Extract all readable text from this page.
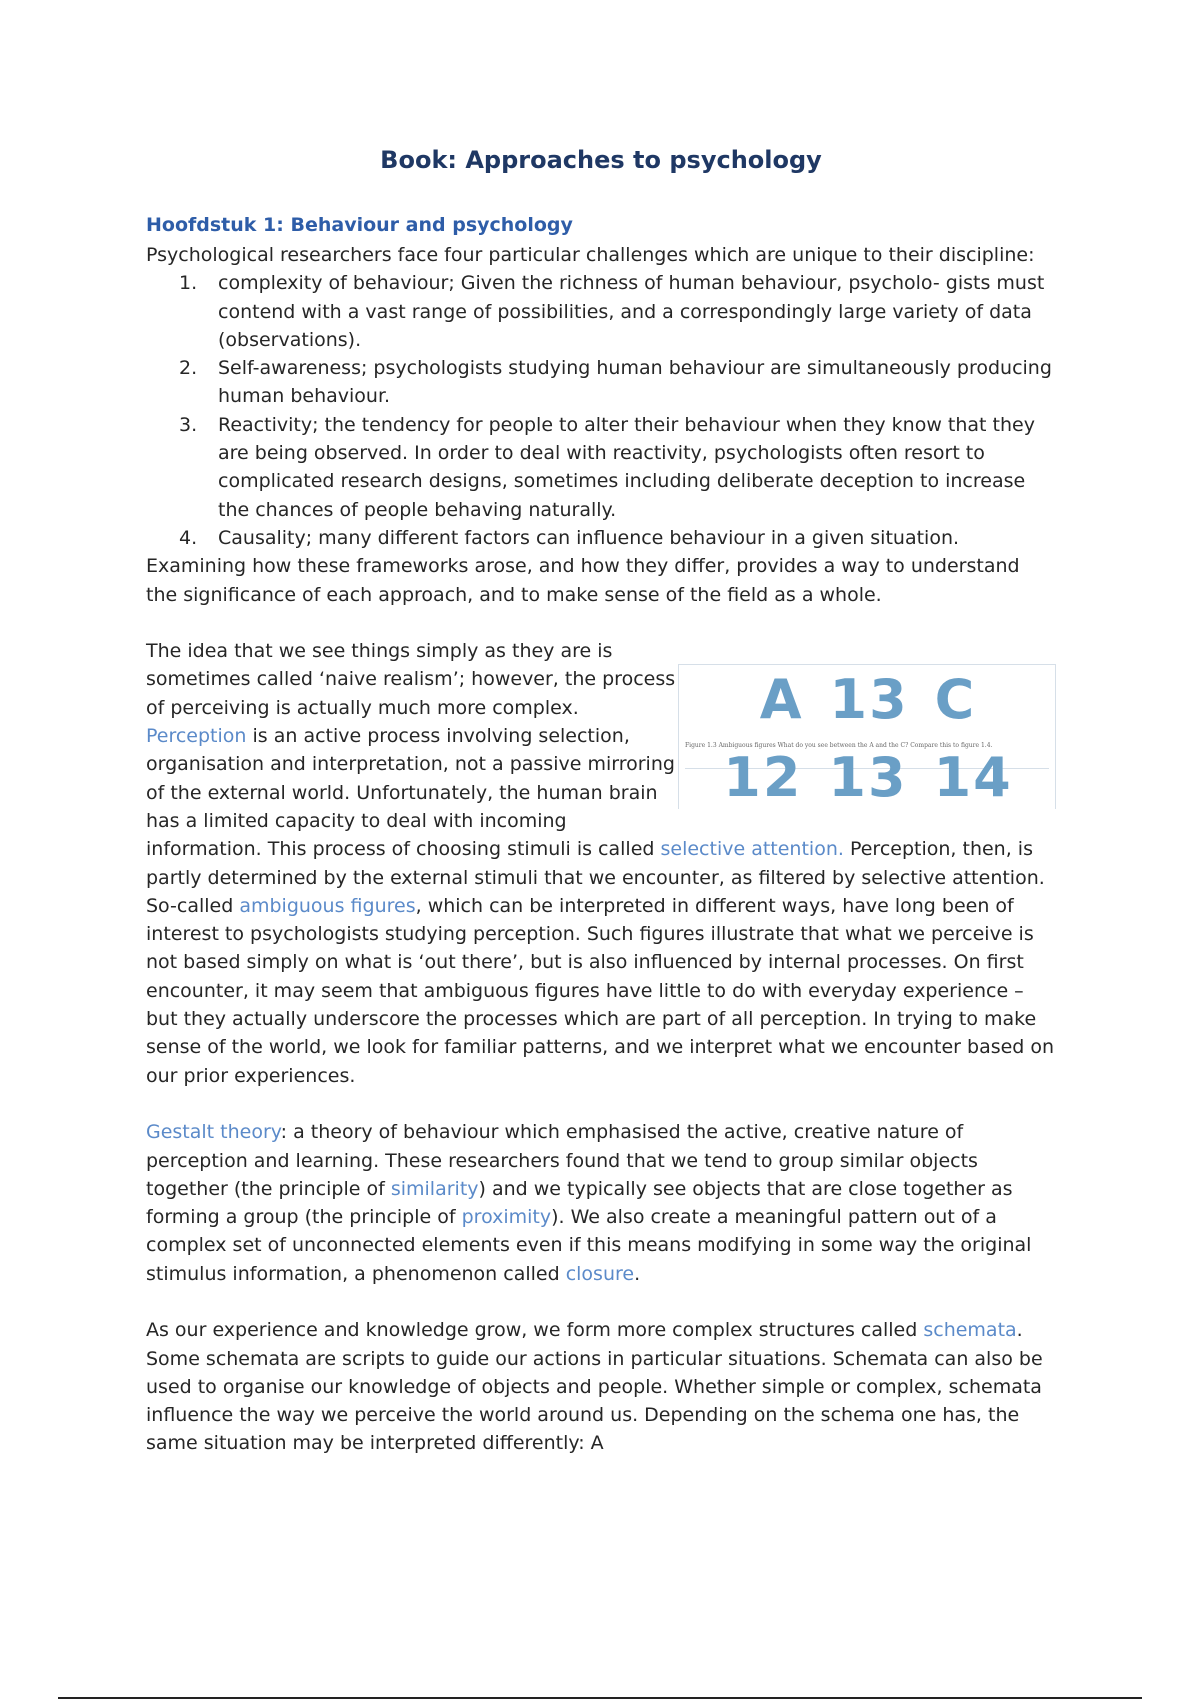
Book: Approaches to psychology
Hoofdstuk 1: Behaviour and psychology

Psychological researchers face four particular challenges which are unique to their discipline:

1. complexity of behaviour; Given the richness of human behaviour, psycholo- gists must contend with a vast range of possibilities, and a correspondingly large variety of data (observations).
2. Self-awareness; psychologists studying human behaviour are simultaneously producing human behaviour.
3. Reactivity; the tendency for people to alter their behaviour when they know that they are being observed. In order to deal with reactivity, psychologists often resort to complicated research designs, sometimes including deliberate deception to increase the chances of people behaving naturally.
4. Causality; many different factors can influence behaviour in a given situation.

Examining how these frameworks arose, and how they differ, provides a way to understand the significance of each approach, and to make sense of the field as a whole.

A 13 C
Figure 1.3 Ambiguous figures What do you see between the A and the C? Compare this to figure 1.4.
12 13 14

The idea that we see things simply as they are is sometimes called ‘naive realism’; however, the process of perceiving is actually much more complex. Perception is an active process involving selection, organisation and interpretation, not a passive mirroring of the external world. Unfortunately, the human brain has a limited capacity to deal with incoming information. This process of choosing stimuli is called selective attention. Perception, then, is partly determined by the external stimuli that we encounter, as filtered by selective attention. So-called ambiguous figures, which can be interpreted in different ways, have long been of interest to psychologists studying perception. Such figures illustrate that what we perceive is not based simply on what is ‘out there’, but is also influenced by internal processes. On first encounter, it may seem that ambiguous figures have little to do with everyday experience – but they actually underscore the processes which are part of all perception. In trying to make sense of the world, we look for familiar patterns, and we interpret what we encounter based on our prior experiences.

Gestalt theory: a theory of behaviour which emphasised the active, creative nature of perception and learning. These researchers found that we tend to group similar objects together (the principle of similarity) and we typically see objects that are close together as forming a group (the principle of proximity). We also create a meaningful pattern out of a complex set of unconnected elements even if this means modifying in some way the original stimulus information, a phenomenon called closure.

As our experience and knowledge grow, we form more complex structures called schemata. Some schemata are scripts to guide our actions in particular situations. Schemata can also be used to organise our knowledge of objects and people. Whether simple or complex, schemata influence the way we perceive the world around us. Depending on the schema one has, the same situation may be interpreted differently: A
